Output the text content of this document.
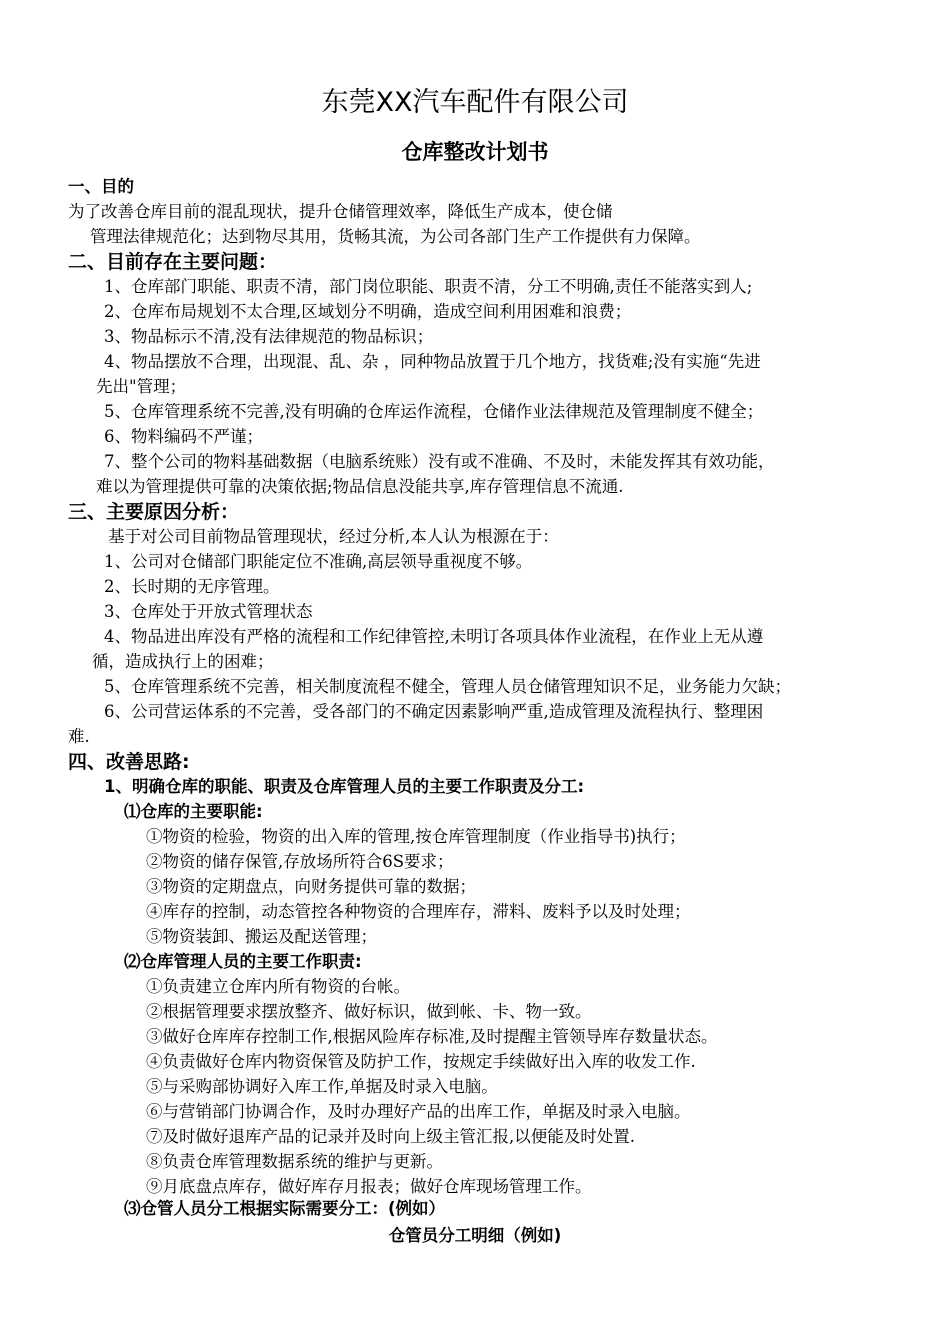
东莞XX汽车配件有限公司
仓库整改计划书
一、目的
为了改善仓库目前的混乱现状，提升仓储管理效率，降低生产成本，使仓储
管理法律规范化；达到物尽其用，货畅其流，为公司各部门生产工作提供有力保障。
二、目前存在主要问题：
1、仓库部门职能、职责不清，部门岗位职能、职责不清，分工不明确,责任不能落实到人;
2、仓库布局规划不太合理,区域划分不明确，造成空间利用困难和浪费；
3、物品标示不清,没有法律规范的物品标识；
4、物品摆放不合理，出现混、乱、杂 ，同种物品放置于几个地方，找货难;没有实施“先进
先出"管理；
5、仓库管理系统不完善,没有明确的仓库运作流程，仓储作业法律规范及管理制度不健全；
6、物料编码不严谨；
7、整个公司的物料基础数据（电脑系统账）没有或不准确、不及时，未能发挥其有效功能，
难以为管理提供可靠的决策依据;物品信息没能共享,库存管理信息不流通.
三、主要原因分析：
基于对公司目前物品管理现状，经过分析,本人认为根源在于：
1、公司对仓储部门职能定位不准确,高层领导重视度不够。
2、长时期的无序管理。
3、仓库处于开放式管理状态
4、物品进出库没有严格的流程和工作纪律管控,未明订各项具体作业流程，在作业上无从遵
循，造成执行上的困难；
5、仓库管理系统不完善，相关制度流程不健全，管理人员仓储管理知识不足，业务能力欠缺；
6、公司营运体系的不完善，受各部门的不确定因素影响严重,造成管理及流程执行、整理困
难.
四、改善思路:
1、明确仓库的职能、职责及仓库管理人员的主要工作职责及分工:
⑴仓库的主要职能:
①物资的检验，物资的出入库的管理,按仓库管理制度（作业指导书)执行；
②物资的储存保管,存放场所符合6S要求；
③物资的定期盘点，向财务提供可靠的数据；
④库存的控制，动态管控各种物资的合理库存，滞料、废料予以及时处理；
⑤物资装卸、搬运及配送管理；
⑵仓库管理人员的主要工作职责:
①负责建立仓库内所有物资的台帐。
②根据管理要求摆放整齐、做好标识，做到帐、卡、物一致。
③做好仓库库存控制工作,根据风险库存标准,及时提醒主管领导库存数量状态。
④负责做好仓库内物资保管及防护工作，按规定手续做好出入库的收发工作.
⑤与采购部协调好入库工作,单据及时录入电脑。
⑥与营销部门协调合作，及时办理好产品的出库工作，单据及时录入电脑。
⑦及时做好退库产品的记录并及时向上级主管汇报,以便能及时处置.
⑧负责仓库管理数据系统的维护与更新。
⑨月底盘点库存，做好库存月报表；做好仓库现场管理工作。
⑶仓管人员分工根据实际需要分工：(例如）
仓管员分工明细（例如)
